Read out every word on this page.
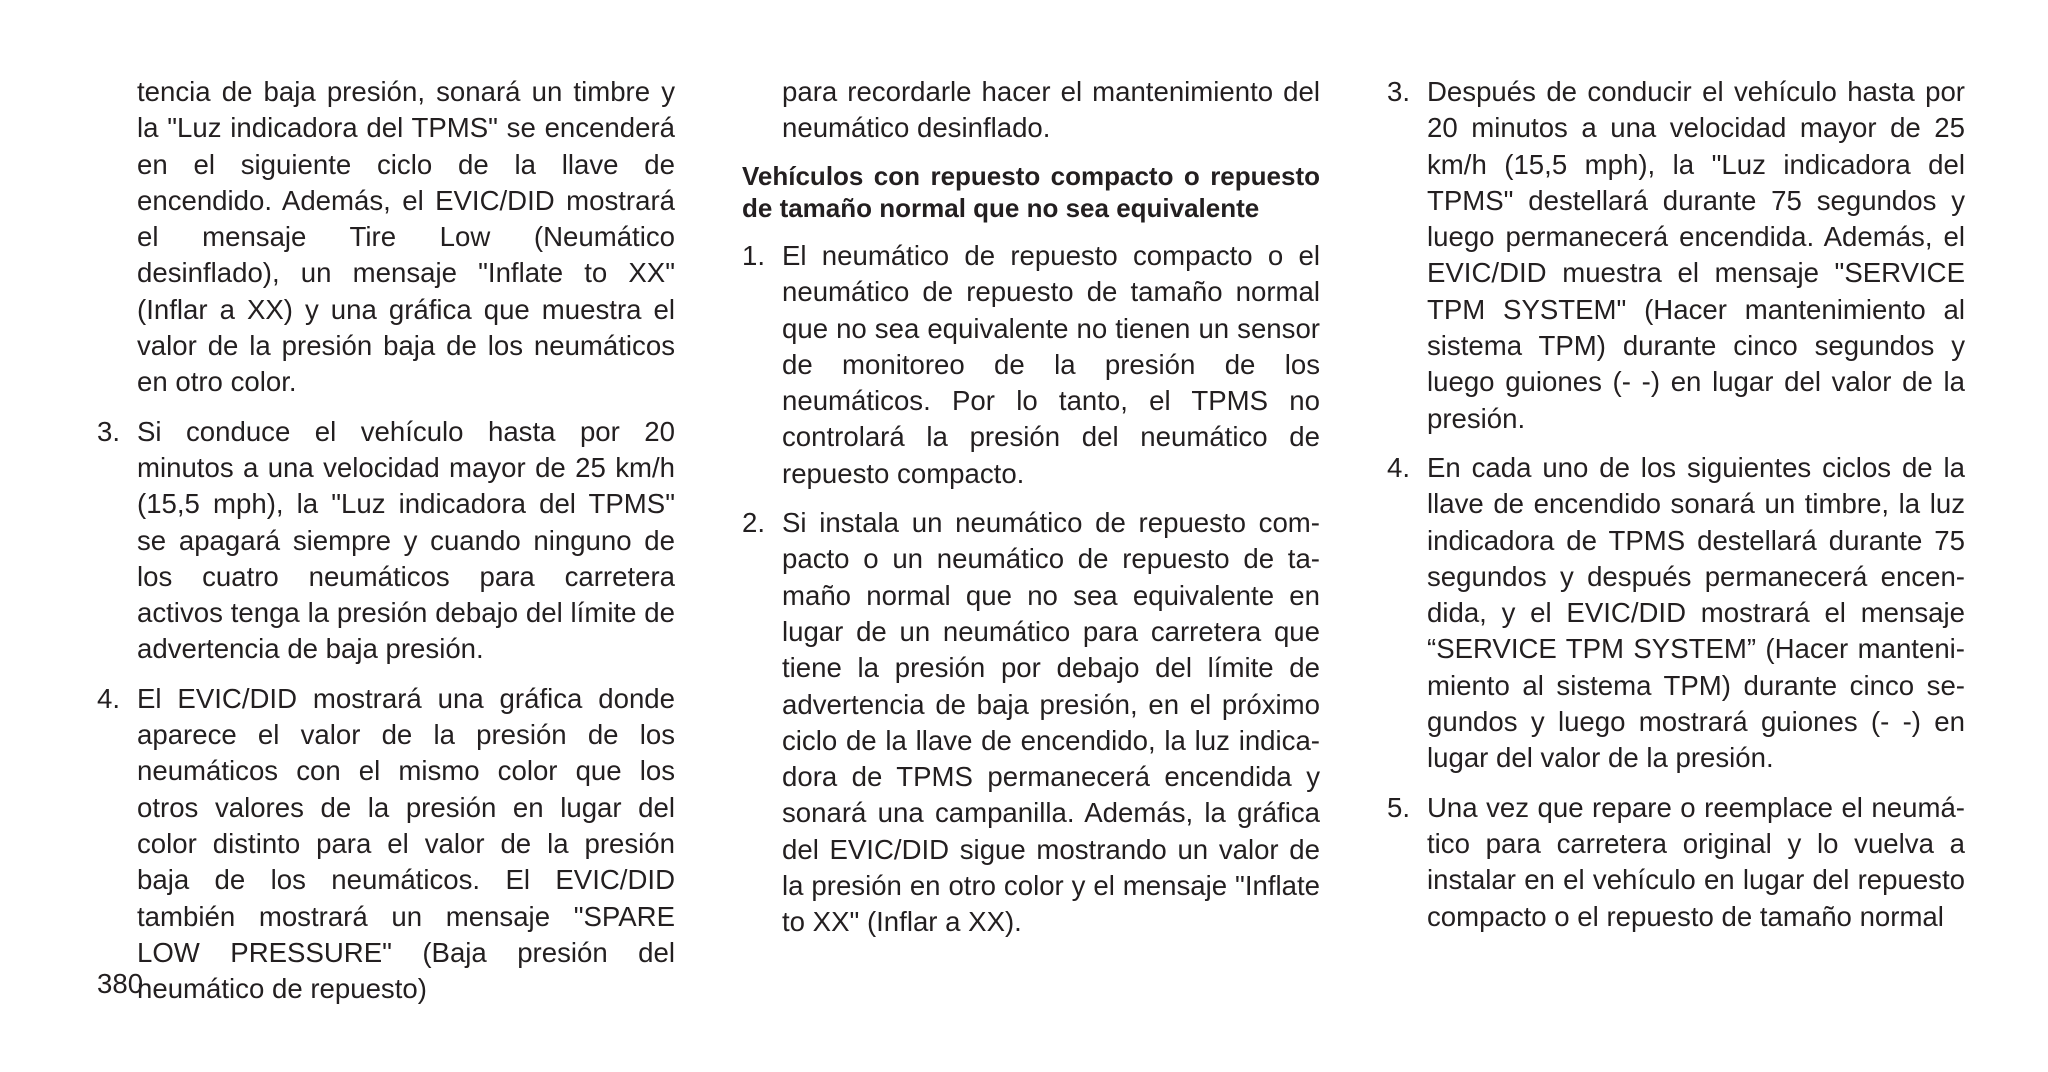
tencia de baja presión, sonará un timbre y la "Luz indicadora del TPMS" se encenderá en el siguiente ciclo de la llave de encendido. Además, el EVIC/DID mostrará el mensaje Tire Low (Neumático desinflado), un mensaje "Inflate to XX" (Inflar a XX) y una gráfica que muestra el valor de la presión baja de los neumáticos en otro color.

3. Si conduce el vehículo hasta por 20 minutos a una velocidad mayor de 25 km/h (15,5 mph), la "Luz indicadora del TPMS" se apagará siempre y cuando ninguno de los cuatro neumáticos para carretera activos tenga la presión debajo del límite de advertencia de baja presión.

4. El EVIC/DID mostrará una gráfica donde aparece el valor de la presión de los neumáticos con el mismo color que los otros valores de la presión en lugar del color distinto para el valor de la presión baja de los neumáticos. El EVIC/DID también mostrará un mensaje "SPARE LOW PRESSURE" (Baja presión del neumático de repuesto)

para recordarle hacer el mantenimiento del neumático desinflado.

Vehículos con repuesto compacto o repuesto de tamaño normal que no sea equivalente
1. El neumático de repuesto compacto o el neumático de repuesto de tamaño normal que no sea equivalente no tienen un sensor de monitoreo de la presión de los neumáticos. Por lo tanto, el TPMS no controlará la presión del neumático de repuesto compacto.

2. Si instala un neumático de repuesto compacto o un neumático de repuesto de tamaño normal que no sea equivalente en lugar de un neumático para carretera que tiene la presión por debajo del límite de advertencia de baja presión, en el próximo ciclo de la llave de encendido, la luz indicadora de TPMS permanecerá encendida y sonará una campanilla. Además, la gráfica del EVIC/DID sigue mostrando un valor de la presión en otro color y el mensaje "Inflate to XX" (Inflar a XX).

3. Después de conducir el vehículo hasta por 20 minutos a una velocidad mayor de 25 km/h (15,5 mph), la "Luz indicadora del TPMS" destellará durante 75 segundos y luego permanecerá encendida. Además, el EVIC/DID muestra el mensaje "SERVICE TPM SYSTEM" (Hacer mantenimiento al sistema TPM) durante cinco segundos y luego guiones (- -) en lugar del valor de la presión.

4. En cada uno de los siguientes ciclos de la llave de encendido sonará un timbre, la luz indicadora de TPMS destellará durante 75 segundos y después permanecerá encendida, y el EVIC/DID mostrará el mensaje “SERVICE TPM SYSTEM” (Hacer mantenimiento al sistema TPM) durante cinco segundos y luego mostrará guiones (- -) en lugar del valor de la presión.

5. Una vez que repare o reemplace el neumático para carretera original y lo vuelva a instalar en el vehículo en lugar del repuesto compacto o el repuesto de tamaño normal

380
